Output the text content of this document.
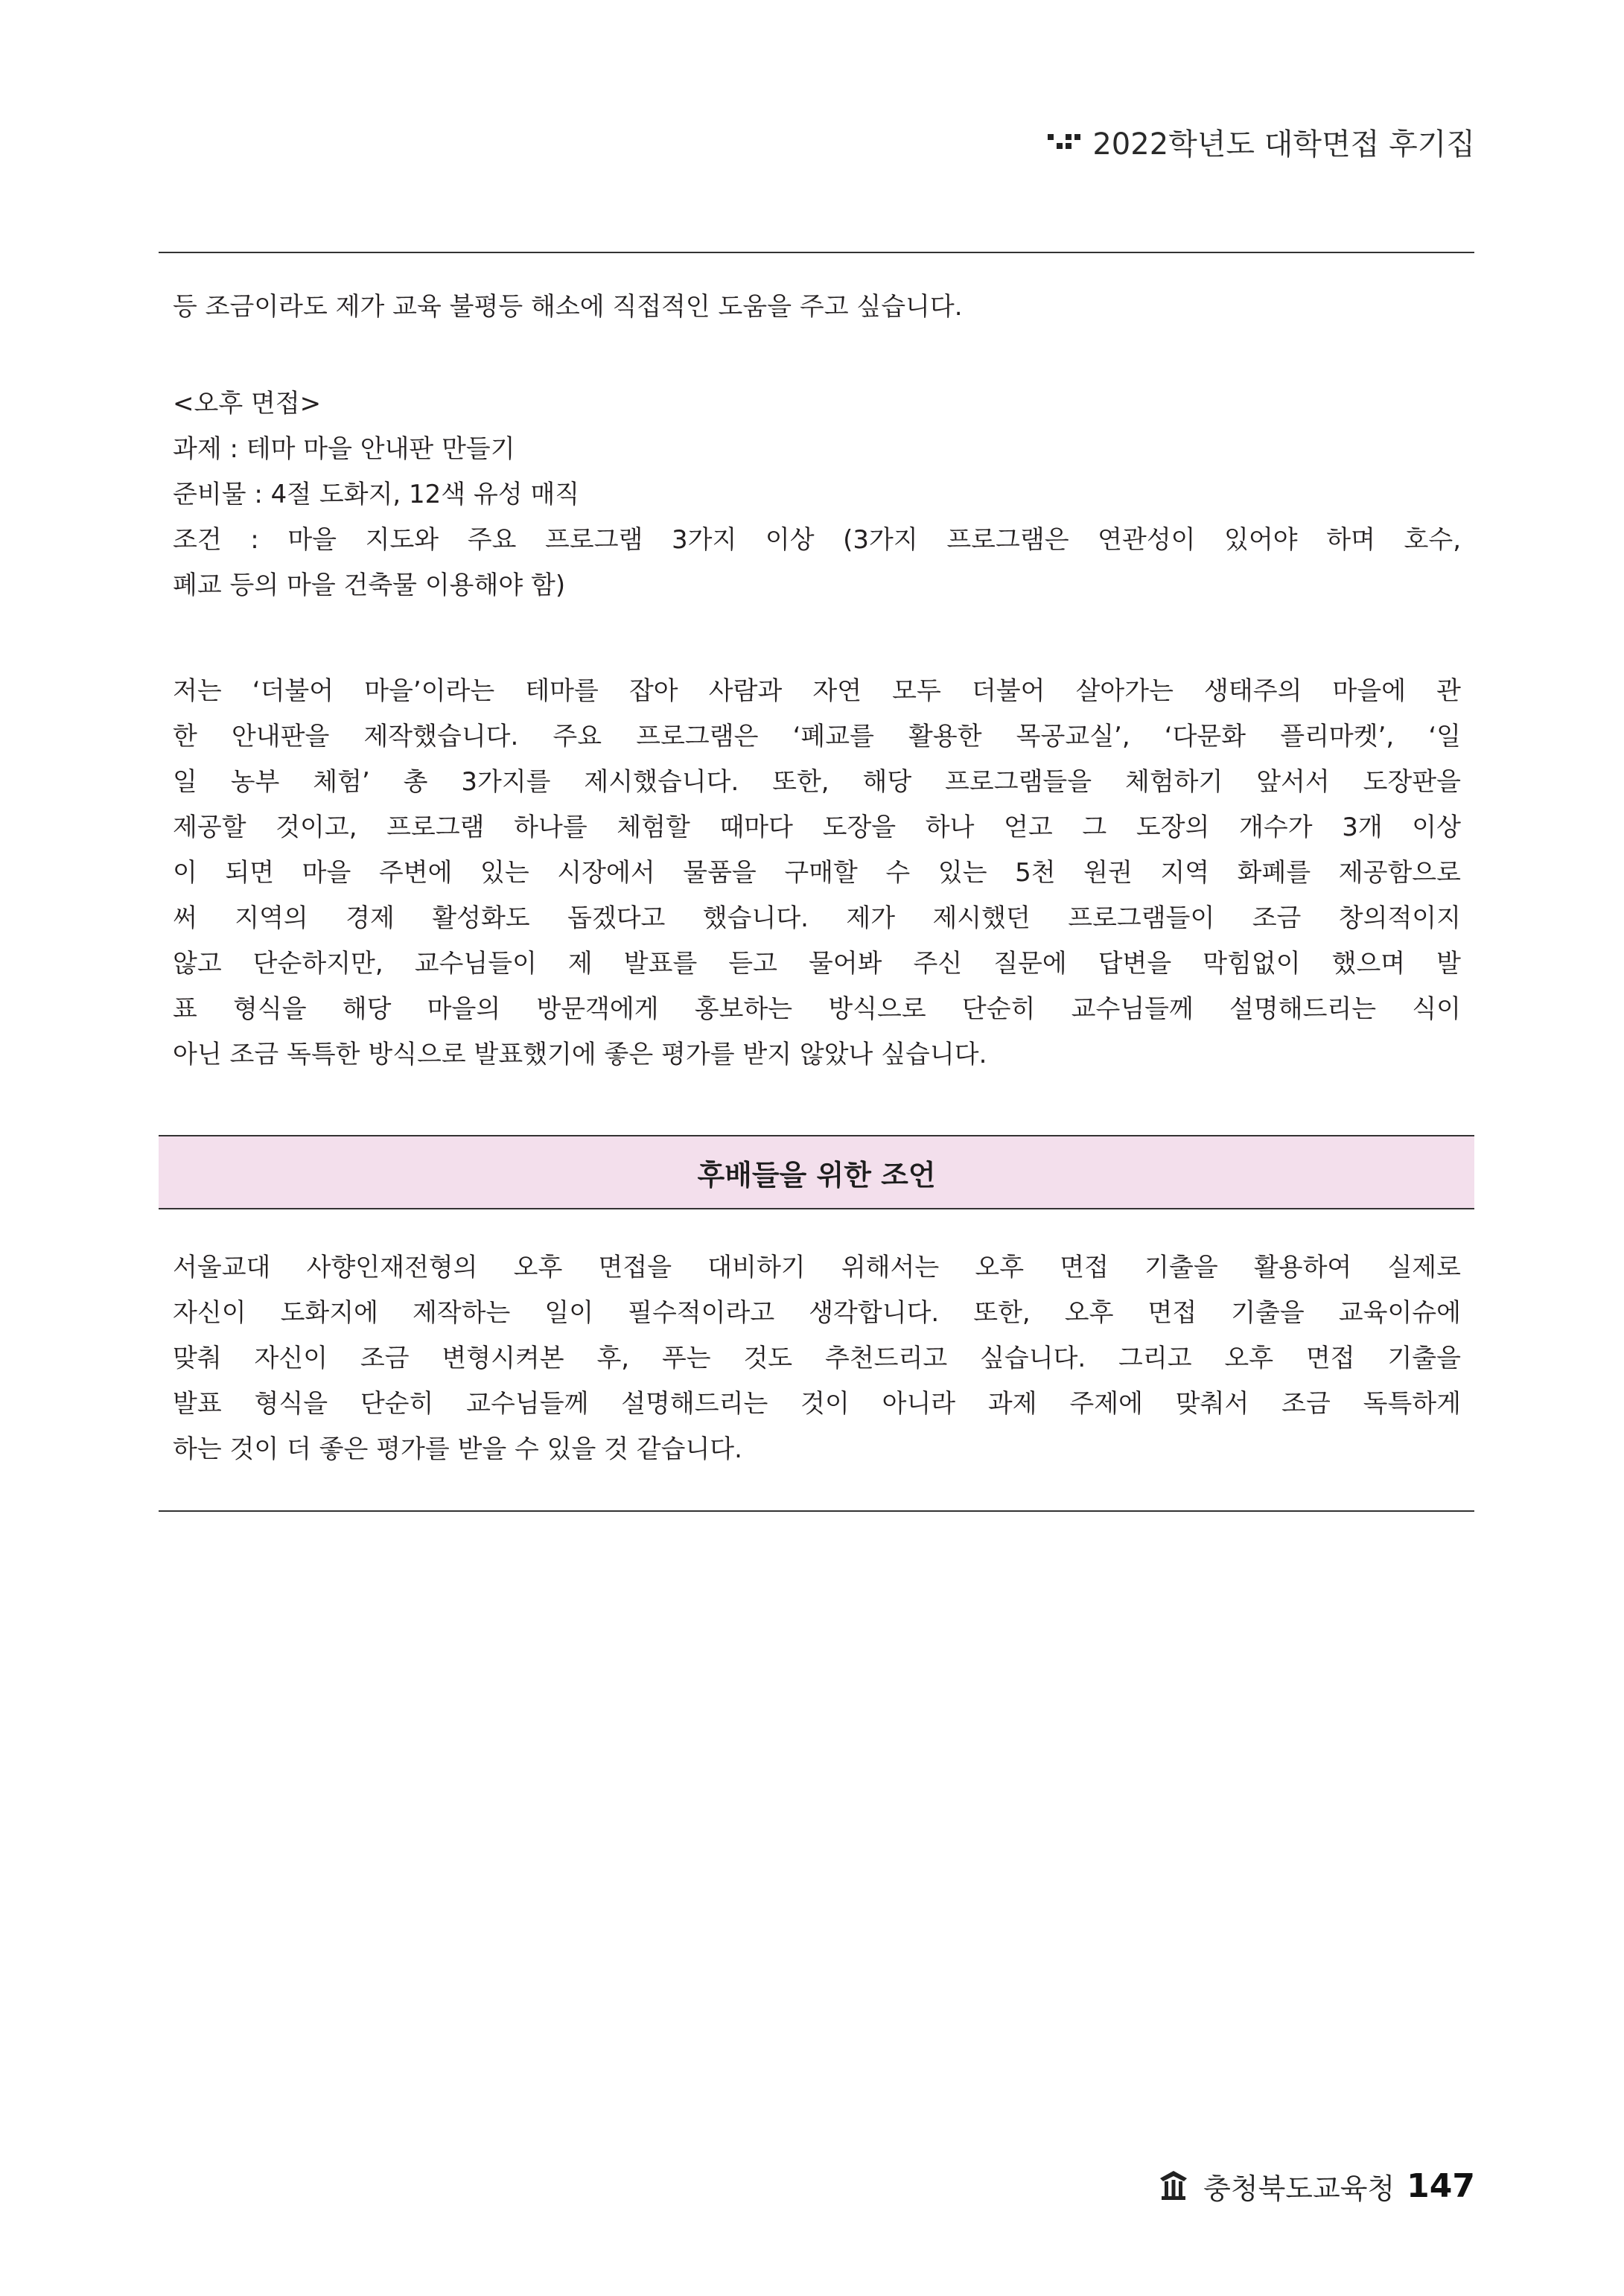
2022학년도 대학면접 후기집

등 조금이라도 제가 교육 불평등 해소에 직접적인 도움을 주고 싶습니다.

<오후 면접>

과제 : 테마 마을 안내판 만들기

준비물 : 4절 도화지, 12색 유성 매직

조건 : 마을 지도와 주요 프로그램 3가지 이상 (3가지 프로그램은 연관성이 있어야 하며 호수,

폐교 등의 마을 건축물 이용해야 함)

저는 ‘더불어 마을’이라는 테마를 잡아 사람과 자연 모두 더불어 살아가는 생태주의 마을에 관

한 안내판을 제작했습니다. 주요 프로그램은 ‘폐교를 활용한 목공교실’, ‘다문화 플리마켓’, ‘일

일 농부 체험’ 총 3가지를 제시했습니다. 또한, 해당 프로그램들을 체험하기 앞서서 도장판을

제공할 것이고, 프로그램 하나를 체험할 때마다 도장을 하나 얻고 그 도장의 개수가 3개 이상

이 되면 마을 주변에 있는 시장에서 물품을 구매할 수 있는 5천 원권 지역 화폐를 제공함으로

써 지역의 경제 활성화도 돕겠다고 했습니다. 제가 제시했던 프로그램들이 조금 창의적이지

않고 단순하지만, 교수님들이 제 발표를 듣고 물어봐 주신 질문에 답변을 막힘없이 했으며 발

표 형식을 해당 마을의 방문객에게 홍보하는 방식으로 단순히 교수님들께 설명해드리는 식이

아닌 조금 독특한 방식으로 발표했기에 좋은 평가를 받지 않았나 싶습니다.

후배들을 위한 조언

서울교대 사향인재전형의 오후 면접을 대비하기 위해서는 오후 면접 기출을 활용하여 실제로

자신이 도화지에 제작하는 일이 필수적이라고 생각합니다. 또한, 오후 면접 기출을 교육이슈에

맞춰 자신이 조금 변형시켜본 후, 푸는 것도 추천드리고 싶습니다. 그리고 오후 면접 기출을

발표 형식을 단순히 교수님들께 설명해드리는 것이 아니라 과제 주제에 맞춰서 조금 독특하게

하는 것이 더 좋은 평가를 받을 수 있을 것 같습니다.

충청북도교육청 147
